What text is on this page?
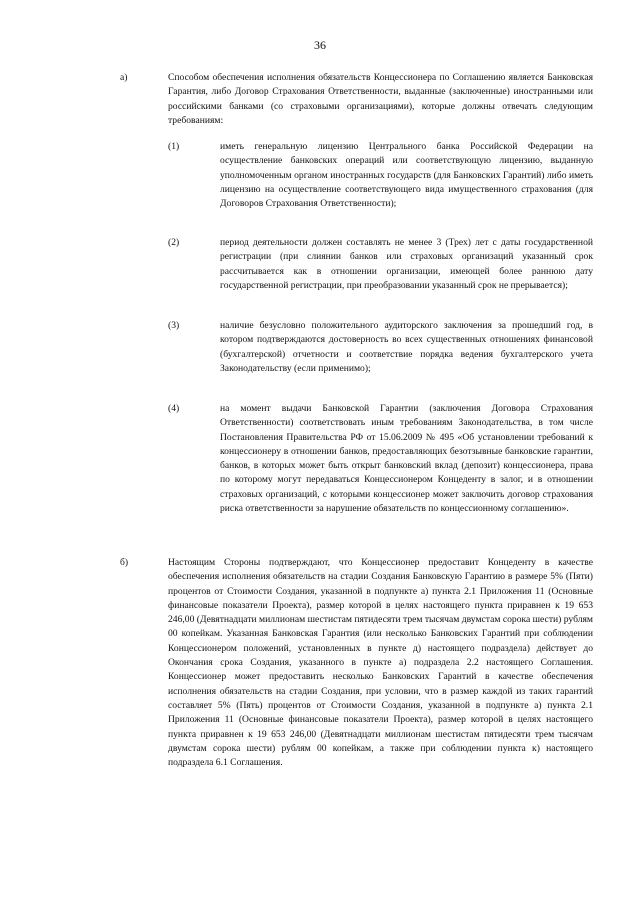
36
а)	Способом обеспечения исполнения обязательств Концессионера по Соглашению является Банковская Гарантия, либо Договор Страхования Ответственности, выданные (заключенные) иностранными или российскими банками (со страховыми организациями), которые должны отвечать следующим требованиям:

(1)	иметь генеральную лицензию Центрального банка Российской Федерации на осуществление банковских операций или соответствующую лицензию, выданную уполномоченным органом иностранных государств (для Банковских Гарантий) либо иметь лицензию на осуществление соответствующего вида имущественного страхования (для Договоров Страхования Ответственности);

(2)	период деятельности должен составлять не менее 3 (Трех) лет с даты государственной регистрации (при слиянии банков или страховых организаций указанный срок рассчитывается как в отношении организации, имеющей более раннюю дату государственной регистрации, при преобразовании указанный срок не прерывается);

(3)	наличие безусловно положительного аудиторского заключения за прошедший год, в котором подтверждаются достоверность во всех существенных отношениях финансовой (бухгалтерской) отчетности и соответствие порядка ведения бухгалтерского учета Законодательству (если применимо);

(4)	на момент выдачи Банковской Гарантии (заключения Договора Страхования Ответственности) соответствовать иным требованиям Законодательства, в том числе Постановления Правительства РФ от 15.06.2009 № 495 «Об установлении требований к концессионеру в отношении банков, предоставляющих безотзывные банковские гарантии, банков, в которых может быть открыт банковский вклад (депозит) концессионера, права по которому могут передаваться Концессионером Концеденту в залог, и в отношении страховых организаций, с которыми концессионер может заключить договор страхования риска ответственности за нарушение обязательств по концессионному соглашению».

б)	Настоящим Стороны подтверждают, что Концессионер предоставит Концеденту в качестве обеспечения исполнения обязательств на стадии Создания Банковскую Гарантию в размере 5% (Пяти) процентов от Стоимости Создания, указанной в подпункте а) пункта 2.1 Приложения 11 (Основные финансовые показатели Проекта), размер которой в целях настоящего пункта приравнен к 19 653 246,00 (Девятнадцати миллионам шестистам пятидесяти трем тысячам двумстам сорока шести) рублям 00 копейкам. Указанная Банковская Гарантия (или несколько Банковских Гарантий при соблюдении Концессионером положений, установленных в пункте д) настоящего подраздела) действует до Окончания срока Создания, указанного в пункте а) подраздела 2.2 настоящего Соглашения. Концессионер может предоставить несколько Банковских Гарантий в качестве обеспечения исполнения обязательств на стадии Создания, при условии, что в размер каждой из таких гарантий составляет 5% (Пять) процентов от Стоимости Создания, указанной в подпункте а) пункта 2.1 Приложения 11 (Основные финансовые показатели Проекта), размер которой в целях настоящего пункта приравнен к 19 653 246,00 (Девятнадцати миллионам шестистам пятидесяти трем тысячам двумстам сорока шести) рублям 00 копейкам, а также при соблюдении пункта к) настоящего подраздела 6.1 Соглашения.
